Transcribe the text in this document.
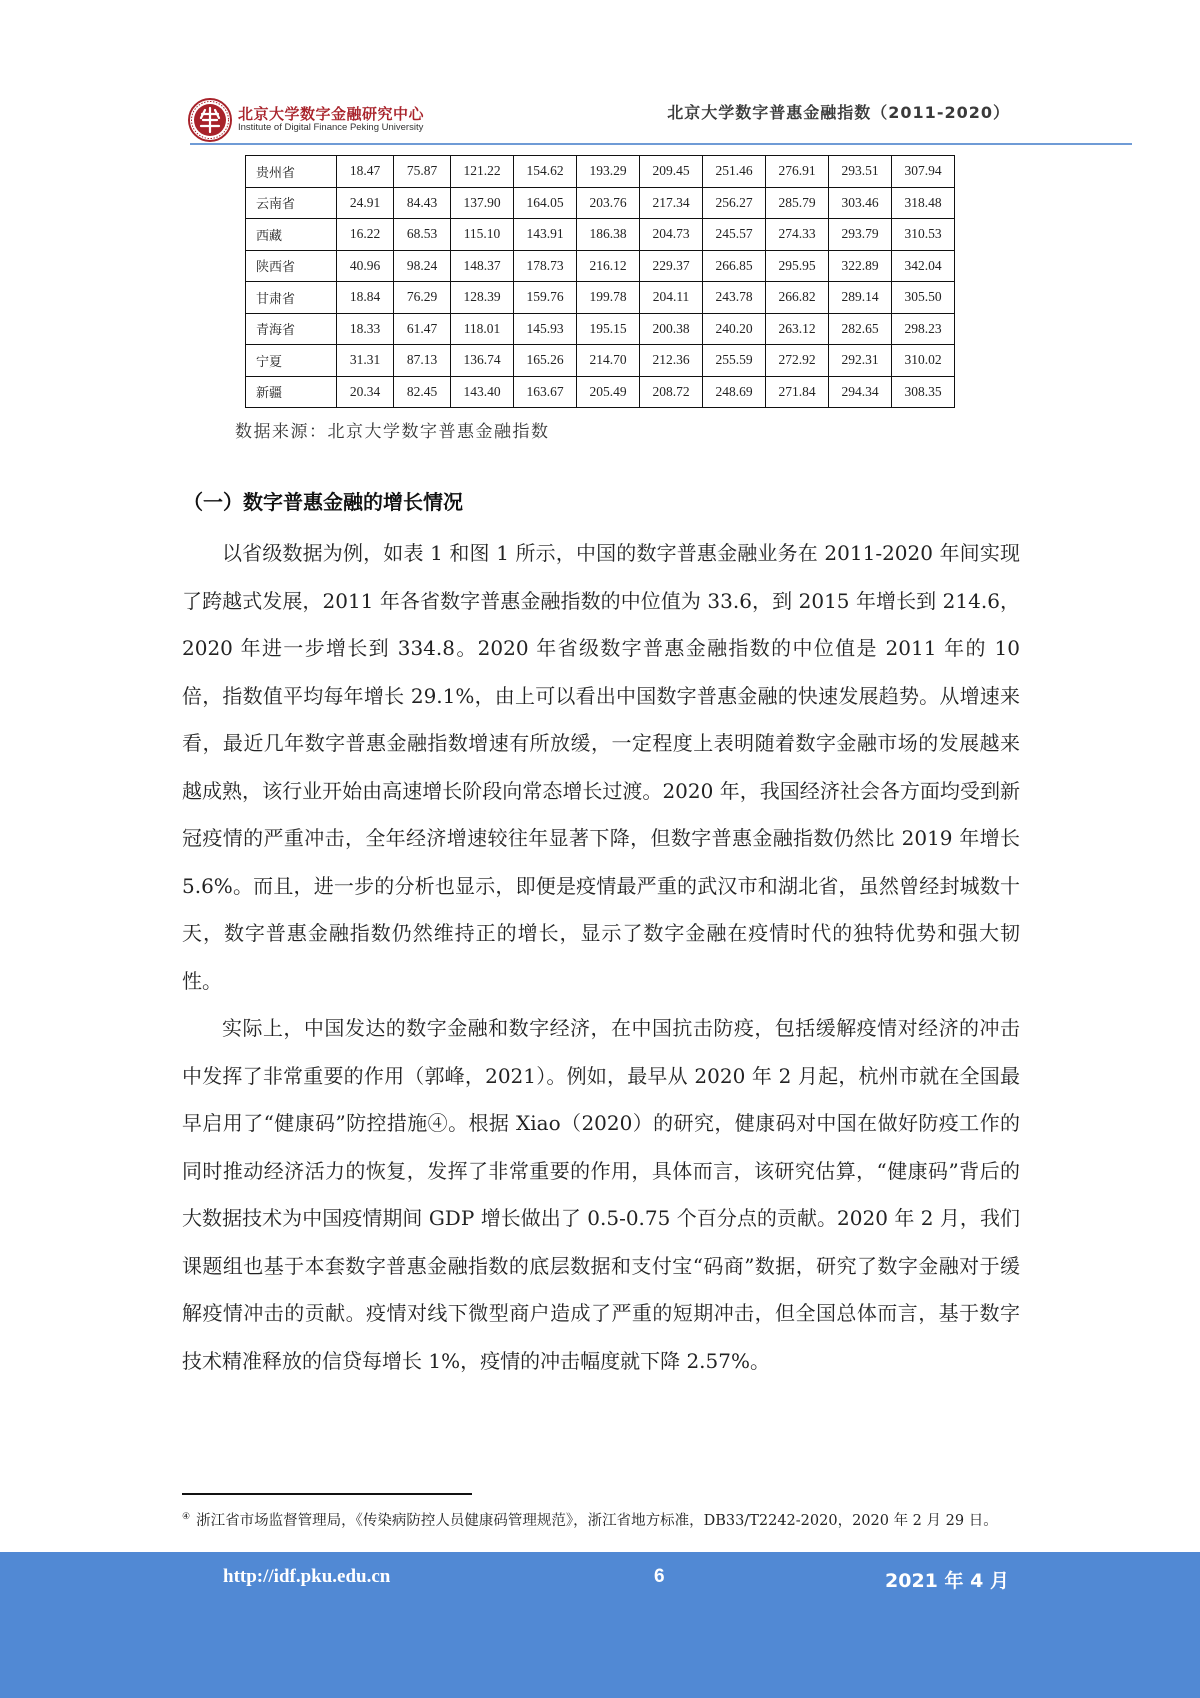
北京大学数字金融研究中心
Institute of Digital Finance Peking University
北京大学数字普惠金融指数（2011-2020）
贵州省	18.47	75.87	121.22	154.62	193.29	209.45	251.46	276.91	293.51	307.94
云南省	24.91	84.43	137.90	164.05	203.76	217.34	256.27	285.79	303.46	318.48
西藏	16.22	68.53	115.10	143.91	186.38	204.73	245.57	274.33	293.79	310.53
陕西省	40.96	98.24	148.37	178.73	216.12	229.37	266.85	295.95	322.89	342.04
甘肃省	18.84	76.29	128.39	159.76	199.78	204.11	243.78	266.82	289.14	305.50
青海省	18.33	61.47	118.01	145.93	195.15	200.38	240.20	263.12	282.65	298.23
宁夏	31.31	87.13	136.74	165.26	214.70	212.36	255.59	272.92	292.31	310.02
新疆	20.34	82.45	143.40	163.67	205.49	208.72	248.69	271.84	294.34	308.35
数据来源：北京大学数字普惠金融指数
（一）数字普惠金融的增长情况

以省级数据为例，如表 1 和图 1 所示，中国的数字普惠金融业务在 2011-2020 年间实现了跨越式发展，2011 年各省数字普惠金融指数的中位值为 33.6，到 2015 年增长到 214.6，2020 年进一步增长到 334.8。2020 年省级数字普惠金融指数的中位值是 2011 年的 10 倍，指数值平均每年增长 29.1%，由上可以看出中国数字普惠金融的快速发展趋势。从增速来看，最近几年数字普惠金融指数增速有所放缓，一定程度上表明随着数字金融市场的发展越来越成熟，该行业开始由高速增长阶段向常态增长过渡。2020 年，我国经济社会各方面均受到新冠疫情的严重冲击，全年经济增速较往年显著下降，但数字普惠金融指数仍然比 2019 年增长 5.6%。而且，进一步的分析也显示，即便是疫情最严重的武汉市和湖北省，虽然曾经封城数十天，数字普惠金融指数仍然维持正的增长，显示了数字金融在疫情时代的独特优势和强大韧性。

实际上，中国发达的数字金融和数字经济，在中国抗击防疫，包括缓解疫情对经济的冲击中发挥了非常重要的作用（郭峰，2021）。例如，最早从 2020 年 2 月起，杭州市就在全国最早启用了“健康码”防控措施④。根据 Xiao（2020）的研究，健康码对中国在做好防疫工作的同时推动经济活力的恢复，发挥了非常重要的作用，具体而言，该研究估算，“健康码”背后的大数据技术为中国疫情期间 GDP 增长做出了 0.5-0.75 个百分点的贡献。2020 年 2 月，我们课题组也基于本套数字普惠金融指数的底层数据和支付宝“码商”数据，研究了数字金融对于缓解疫情冲击的贡献。疫情对线下微型商户造成了严重的短期冲击，但全国总体而言，基于数字技术精准释放的信贷每增长 1%，疫情的冲击幅度就下降 2.57%。

④ 浙江省市场监督管理局，《传染病防控人员健康码管理规范》，浙江省地方标准，DB33/T2242-2020，2020 年 2 月 29 日。
http://idf.pku.edu.cn	6	2021 年 4 月
